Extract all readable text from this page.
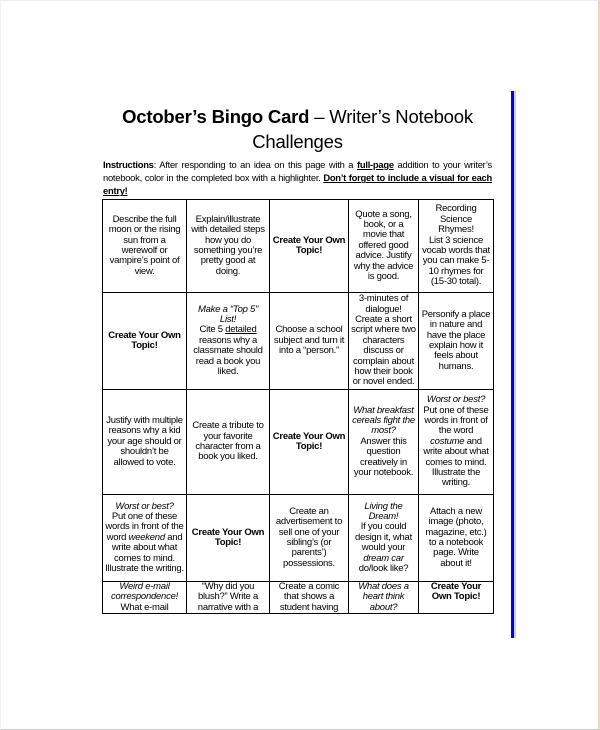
October’s Bingo Card – Writer’s Notebook
Challenges

Instructions: After responding to an idea on this page with a full-page addition to your writer’s notebook, color in the completed box with a highlighter. Don’t forget to include a visual for each entry!

Describe the full moon or the rising sun from a werewolf or vampire’s point of view.	Explain/illustrate with detailed steps how you do something you’re pretty good at doing.	Create Your Own Topic!	Quote a song, book, or a movie that offered good advice. Justify why the advice is good.	Recording Science Rhymes!
List 3 science vocab words that you can make 5-10 rhymes for (15-30 total).

Create Your Own Topic!	Make a “Top 5” List!
Cite 5 detailed reasons why a classmate should read a book you liked.	Choose a school subject and turn it into a “person.”	3-minutes of dialogue!
Create a short script where two characters discuss or complain about how their book or novel ended.	Personify a place in nature and have the place explain how it feels about humans.

Justify with multiple reasons why a kid your age should or shouldn’t be allowed to vote.	Create a tribute to your favorite character from a book you liked.	Create Your Own Topic!	What breakfast cereals fight the most?
Answer this question creatively in your notebook.	Worst or best?
Put one of these words in front of the word costume and write about what comes to mind. Illustrate the writing.

Worst or best?
Put one of these words in front of the word weekend and write about what comes to mind. Illustrate the writing.	Create Your Own Topic!	Create an advertisement to sell one of your sibling’s (or parents’) possessions.	Living the Dream!
If you could design it, what would your dream car do/look like?	Attach a new image (photo, magazine, etc.) to a notebook page. Write about it!

Weird e-mail correspondence!
What e-mail	“Why did you blush?” Write a narrative with a	Create a comic that shows a student having	What does a heart think about?	Create Your Own Topic!
